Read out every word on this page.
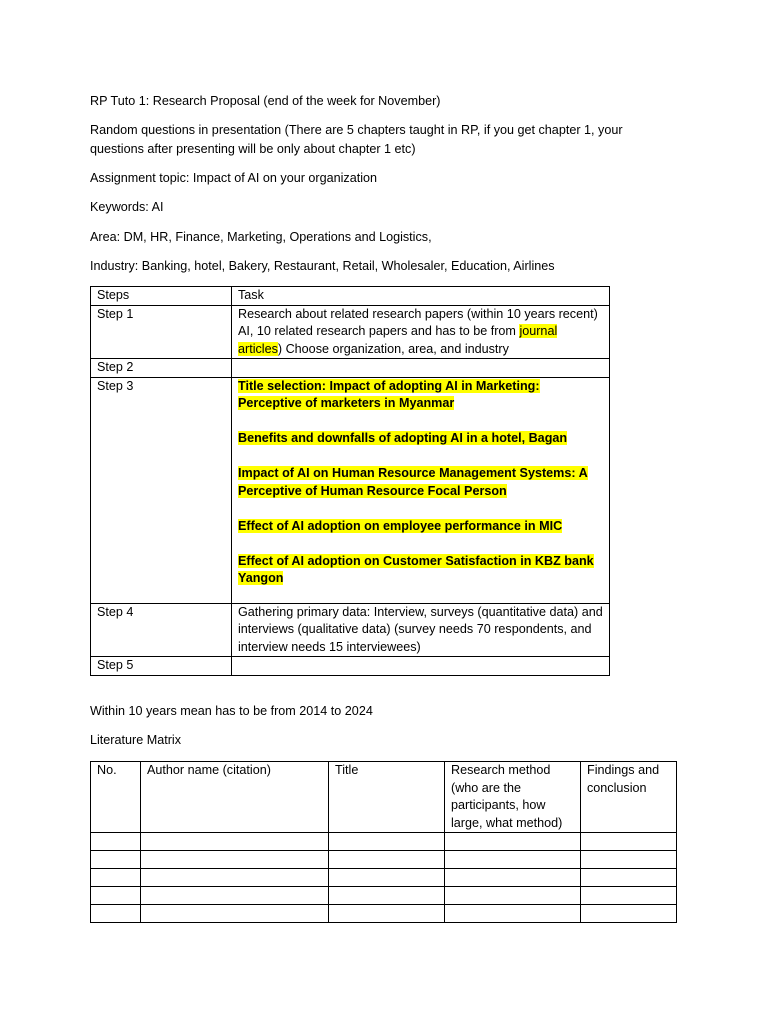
RP Tuto 1: Research Proposal (end of the week for November)
Random questions in presentation (There are 5 chapters taught in RP, if you get chapter 1, your questions after presenting will be only about chapter 1 etc)
Assignment topic: Impact of AI on your organization
Keywords: AI
Area: DM, HR, Finance, Marketing, Operations and Logistics,
Industry: Banking, hotel, Bakery, Restaurant, Retail, Wholesaler, Education, Airlines
Steps	Task
Step 1	Research about related research papers (within 10 years recent) AI, 10 related research papers and has to be from journal articles) Choose organization, area, and industry
Step 2	
Step 3	Title selection: Impact of adopting AI in Marketing: Perceptive of marketers in Myanmar

Benefits and downfalls of adopting AI in a hotel, Bagan

Impact of AI on Human Resource Management Systems: A Perceptive of Human Resource Focal Person

Effect of AI adoption on employee performance in MIC

Effect of AI adoption on Customer Satisfaction in KBZ bank Yangon

Step 4	Gathering primary data: Interview, surveys (quantitative data) and interviews (qualitative data) (survey needs 70 respondents, and interview needs 15 interviewees)
Step 5	
Within 10 years mean has to be from 2014 to 2024
Literature Matrix
No.	Author name (citation)	Title	Research method (who are the participants, how large, what method)	Findings and conclusion
